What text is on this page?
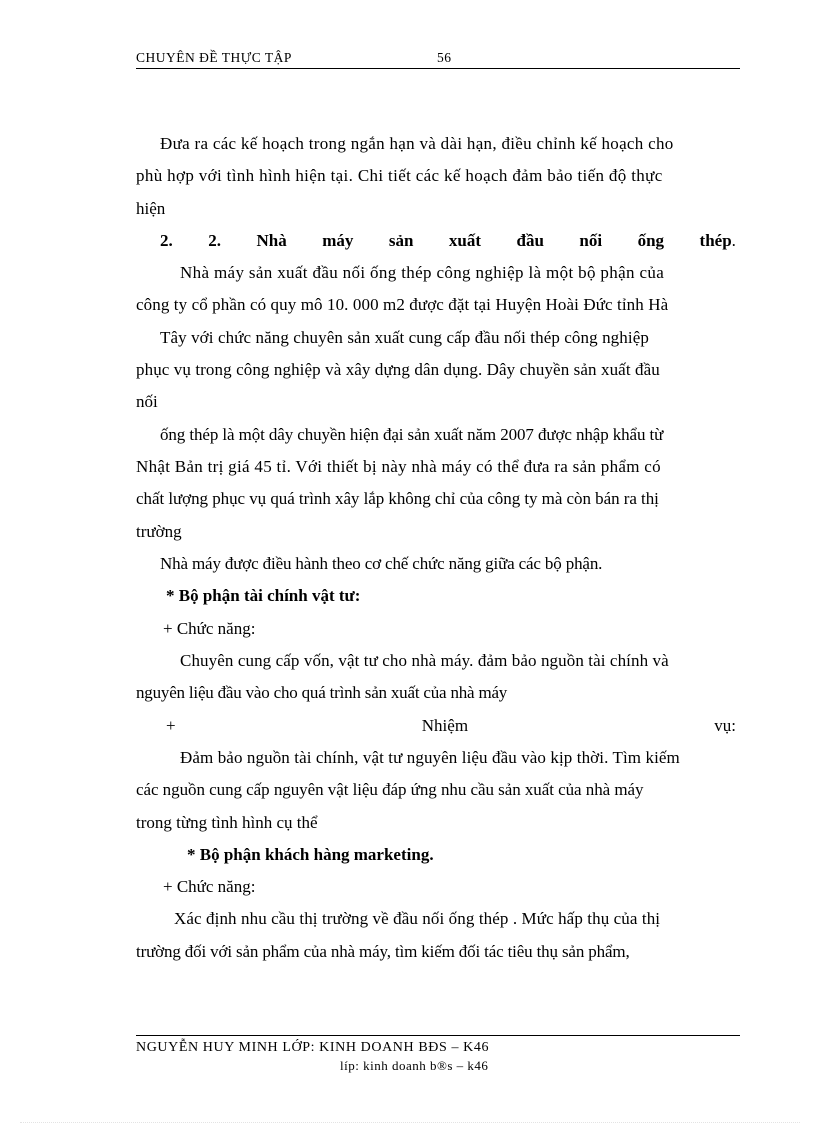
CHUYÊN ĐỀ THỰC TẬP	56
Đưa ra các kế hoạch trong ngắn hạn và dài hạn, điều chỉnh kế hoạch cho
phù hợp với tình hình hiện tại. Chi tiết các kế hoạch đảm bảo tiến độ thực
hiện
2. 2. Nhà máy sản xuất đầu nối ống thép.
Nhà máy sản xuất đầu nối ống thép công nghiệp là một bộ phận của
công ty cổ phần có quy mô 10. 000 m2 được đặt tại Huyện Hoài Đức tỉnh Hà
Tây với chức năng chuyên sản xuất cung cấp đầu nối thép công nghiệp
phục vụ trong công nghiệp và xây dựng dân dụng. Dây chuyền sản xuất đầu
nối
ống thép là một dây chuyền hiện đại sản xuất năm 2007 được nhập khẩu từ
Nhật Bản trị giá 45 tỉ. Với thiết bị này nhà máy có thể đưa ra sản phẩm có
chất lượng phục vụ quá trình xây lắp không chỉ của công ty mà còn bán ra thị
trường
Nhà máy được điều hành theo cơ chế chức năng giữa các bộ phận.
* Bộ phận tài chính vật tư:
+ Chức năng:
Chuyên cung cấp vốn, vật tư cho nhà máy. đảm bảo nguồn tài chính và
nguyên liệu đầu vào cho quá trình sản xuất của nhà máy
+	Nhiệm	vụ:
Đảm bảo nguồn tài chính, vật tư nguyên liệu đầu vào kịp thời. Tìm kiếm
các nguồn cung cấp nguyên vật liệu đáp ứng nhu cầu sản xuất của nhà máy
trong từng tình hình cụ thể
* Bộ phận khách hàng marketing.
+ Chức năng:
Xác định nhu cầu thị trường về đầu nối ống thép . Mức hấp thụ của thị
trường đối với sản phẩm của nhà máy, tìm kiếm đối tác tiêu thụ sản phẩm,
NGUYỄN HUY MINH LỚP: KINH DOANH BĐS – K46
líp: kinh doanh b®s – k46
